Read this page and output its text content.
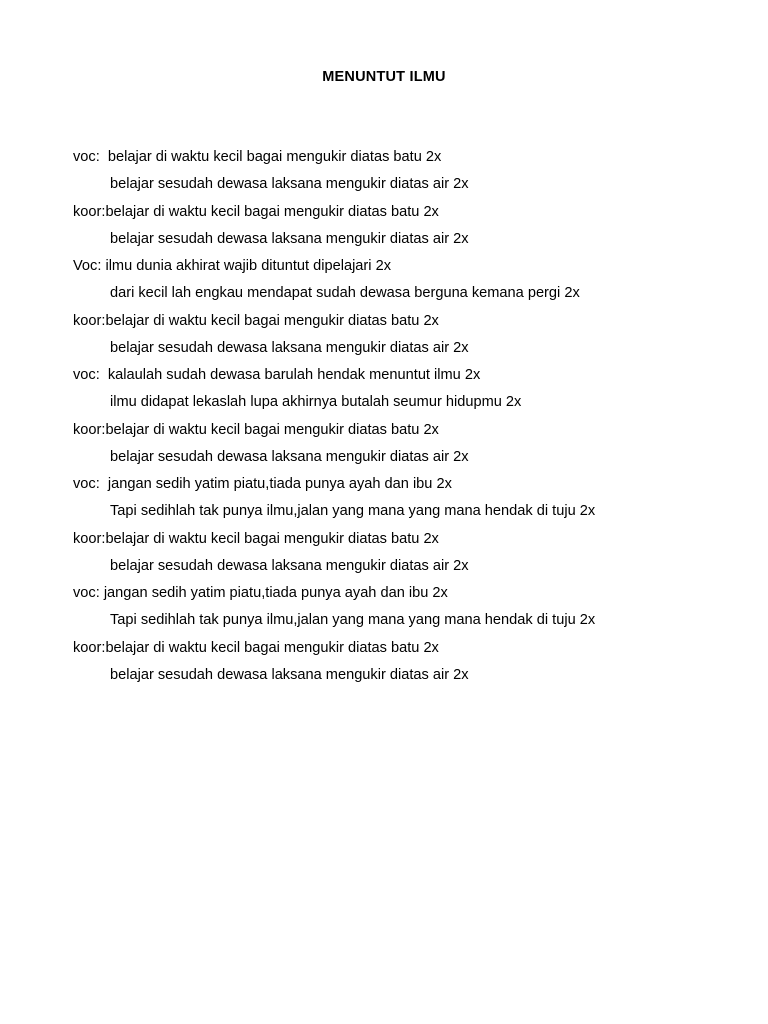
MENUNTUT ILMU
voc:  belajar di waktu kecil bagai mengukir diatas batu 2x
belajar sesudah dewasa laksana mengukir diatas air 2x
koor:belajar di waktu kecil bagai mengukir diatas batu 2x
belajar sesudah dewasa laksana mengukir diatas air 2x
Voc: ilmu dunia akhirat wajib dituntut dipelajari 2x
dari kecil lah engkau mendapat sudah dewasa berguna kemana pergi 2x
koor:belajar di waktu kecil bagai mengukir diatas batu 2x
belajar sesudah dewasa laksana mengukir diatas air 2x
voc:  kalaulah sudah dewasa barulah hendak menuntut ilmu 2x
ilmu didapat lekaslah lupa akhirnya butalah seumur hidupmu 2x
koor:belajar di waktu kecil bagai mengukir diatas batu 2x
belajar sesudah dewasa laksana mengukir diatas air 2x
voc:  jangan sedih yatim piatu,tiada punya ayah dan ibu 2x
Tapi sedihlah tak punya ilmu,jalan yang mana yang mana hendak di tuju 2x
koor:belajar di waktu kecil bagai mengukir diatas batu 2x
belajar sesudah dewasa laksana mengukir diatas air 2x
voc: jangan sedih yatim piatu,tiada punya ayah dan ibu 2x
Tapi sedihlah tak punya ilmu,jalan yang mana yang mana hendak di tuju 2x
koor:belajar di waktu kecil bagai mengukir diatas batu 2x
belajar sesudah dewasa laksana mengukir diatas air 2x
